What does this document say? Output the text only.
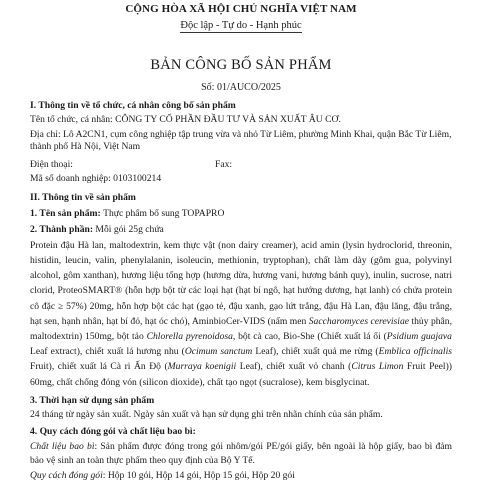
CỘNG HÒA XÃ HỘI CHỦ NGHĨA VIỆT NAM
Độc lập - Tự do - Hạnh phúc
BẢN CÔNG BỐ SẢN PHẨM
Số: 01/AUCO/2025
I. Thông tin về tổ chức, cá nhân công bố sản phẩm
Tên tổ chức, cá nhân: CÔNG TY CỔ PHẦN ĐẦU TƯ VÀ SẢN XUẤT ÂU CƠ.
Địa chỉ: Lô A2CN1, cụm công nghiệp tập trung vừa và nhỏ Từ Liêm, phường Minh Khai, quận Bắc Từ Liêm, thành phố Hà Nội, Việt Nam
Điện thoại:	Fax:
Mã số doanh nghiệp: 0103100214
II. Thông tin về sản phẩm
1. Tên sản phẩm: Thực phẩm bổ sung TOPAPRO
2. Thành phần: Mỗi gói 25g chứa
Protein đậu Hà lan, maltodextrin, kem thực vật (non dairy creamer), acid amin (lysin hydroclorid, threonin, histidin, leucin, valin, phenylalanin, isoleucin, methionin, tryptophan), chất làm dày (gôm gua, polyvinyl alcohol, gôm xanthan), hương liệu tổng hợp (hương dừa, hương vani, hương bánh quy), inulin, sucrose, natri clorid, ProteoSMART® (hỗn hợp bột từ các loại hạt (hạt bí ngô, hạt hướng dương, hạt lanh) có chứa protein cô đặc ≥ 57%) 20mg, hỗn hợp bột các hạt (gạo tẻ, đậu xanh, gạo lứt trắng, đậu Hà Lan, đậu lăng, đậu trắng, hạt sen, hạnh nhân, hạt bí đỏ, hạt óc chó), AminbioCer-VIDS (nấm men Saccharomyces cerevisiae thủy phân, maltodextrin) 150mg, bột tảo Chlorella pyrenoidosa, bột cà cao, Bio-She (Chiết xuất lá ổi (Psidium guajava Leaf extract), chiết xuất lá hương nhu (Ocimum sanctum Leaf), chiết xuất quả me rừng (Emblica officinalis Fruit), chiết xuất lá Cà ri Ấn Độ (Murraya koenigii Leaf), chiết xuất vỏ chanh (Citrus Limon Fruit Peel)) 60mg, chất chống đóng vón (silicon dioxide), chất tạo ngọt (sucralose), kem bisglycinat.
3. Thời hạn sử dụng sản phẩm
24 tháng từ ngày sản xuất. Ngày sản xuất và hạn sử dụng ghi trên nhãn chính của sản phẩm.
4. Quy cách đóng gói và chất liệu bao bì:
Chất liệu bao bì: Sản phẩm được đóng trong gói nhôm/gói PE/gói giấy, bên ngoài là hộp giấy, bao bì đảm bảo vệ sinh an toàn thực phẩm theo quy định của Bộ Y Tế.
Quy cách đóng gói: Hộp 10 gói, Hộp 14 gói, Hộp 15 gói, Hộp 20 gói
